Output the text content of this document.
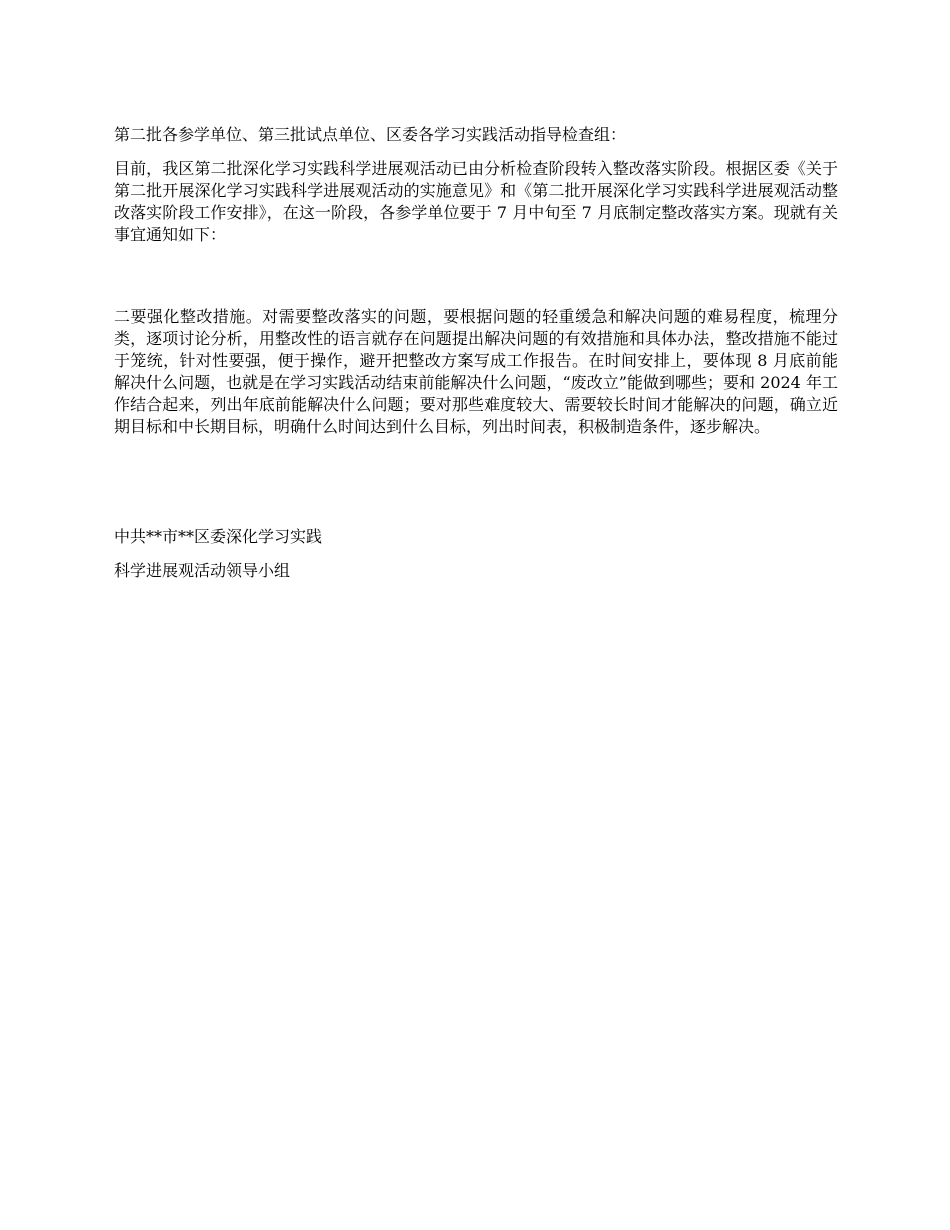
第二批各参学单位、第三批试点单位、区委各学习实践活动指导检查组：

目前，我区第二批深化学习实践科学进展观活动已由分析检查阶段转入整改落实阶段。根据区委《关于第二批开展深化学习实践科学进展观活动的实施意见》和《第二批开展深化学习实践科学进展观活动整改落实阶段工作安排》，在这一阶段，各参学单位要于 7 月中旬至 7 月底制定整改落实方案。现就有关事宜通知如下：

二要强化整改措施。对需要整改落实的问题，要根据问题的轻重缓急和解决问题的难易程度，梳理分类，逐项讨论分析，用整改性的语言就存在问题提出解决问题的有效措施和具体办法，整改措施不能过于笼统，针对性要强，便于操作，避开把整改方案写成工作报告。在时间安排上，要体现 8 月底前能解决什么问题，也就是在学习实践活动结束前能解决什么问题，“废改立”能做到哪些；要和 2024 年工作结合起来，列出年底前能解决什么问题；要对那些难度较大、需要较长时间才能解决的问题，确立近期目标和中长期目标，明确什么时间达到什么目标，列出时间表，积极制造条件，逐步解决。

中共**市**区委深化学习实践

科学进展观活动领导小组
